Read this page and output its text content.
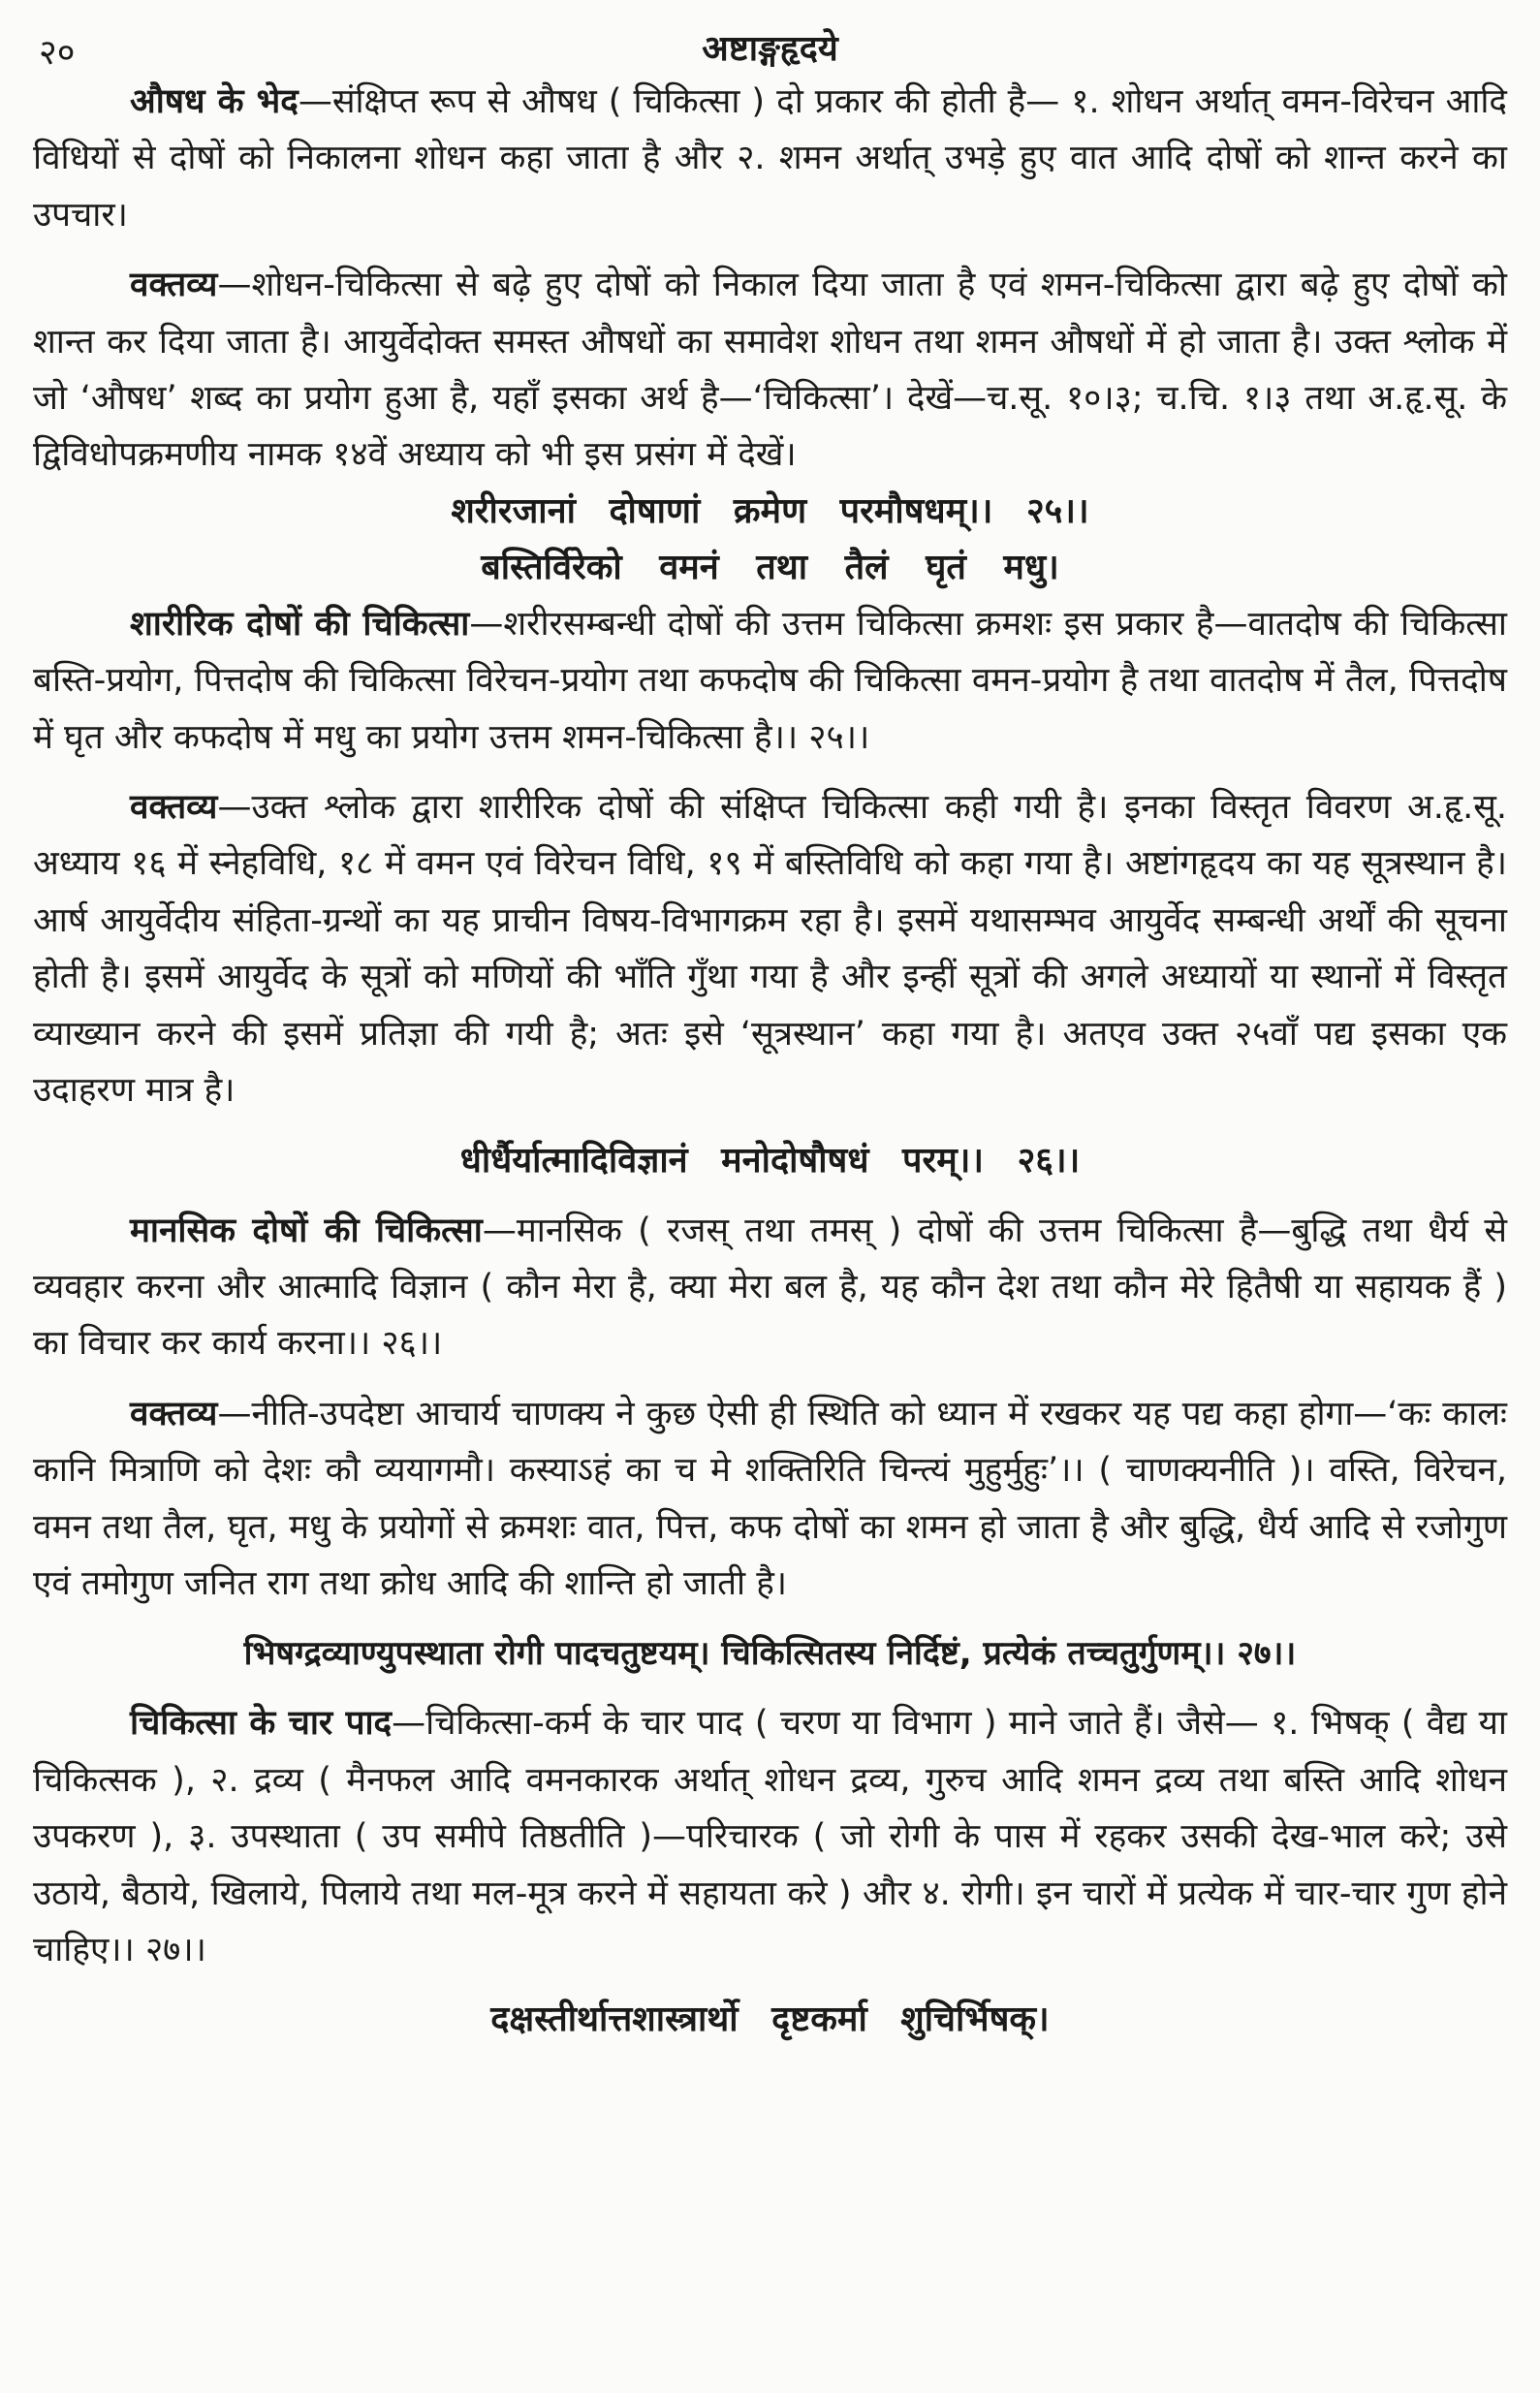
२०	अष्टाङ्गहृदये

औषध के भेद—संक्षिप्त रूप से औषध ( चिकित्सा ) दो प्रकार की होती है— १. शोधन अर्थात् वमन-विरेचन आदि विधियों से दोषों को निकालना शोधन कहा जाता है और २. शमन अर्थात् उभड़े हुए वात आदि दोषों को शान्त करने का उपचार।

वक्तव्य—शोधन-चिकित्सा से बढ़े हुए दोषों को निकाल दिया जाता है एवं शमन-चिकित्सा द्वारा बढ़े हुए दोषों को शान्त कर दिया जाता है। आयुर्वेदोक्त समस्त औषधों का समावेश शोधन तथा शमन औषधों में हो जाता है। उक्त श्लोक में जो ‘औषध’ शब्द का प्रयोग हुआ है, यहाँ इसका अर्थ है—‘चिकित्सा’। देखें—च.सू. १०।३; च.चि. १।३ तथा अ.हृ.सू. के द्विविधोपक्रमणीय नामक १४वें अध्याय को भी इस प्रसंग में देखें।

शरीरजानां दोषाणां क्रमेण परमौषधम्।। २५।।

बस्तिर्विरेको वमनं तथा तैलं घृतं मधु।

शारीरिक दोषों की चिकित्सा—शरीरसम्बन्धी दोषों की उत्तम चिकित्सा क्रमशः इस प्रकार है—वातदोष की चिकित्सा बस्ति-प्रयोग, पित्तदोष की चिकित्सा विरेचन-प्रयोग तथा कफदोष की चिकित्सा वमन-प्रयोग है तथा वातदोष में तैल, पित्तदोष में घृत और कफदोष में मधु का प्रयोग उत्तम शमन-चिकित्सा है।। २५।।

वक्तव्य—उक्त श्लोक द्वारा शारीरिक दोषों की संक्षिप्त चिकित्सा कही गयी है। इनका विस्तृत विवरण अ.हृ.सू. अध्याय १६ में स्नेहविधि, १८ में वमन एवं विरेचन विधि, १९ में बस्तिविधि को कहा गया है। अष्टांगहृदय का यह सूत्रस्थान है। आर्ष आयुर्वेदीय संहिता-ग्रन्थों का यह प्राचीन विषय-विभागक्रम रहा है। इसमें यथासम्भव आयुर्वेद सम्बन्धी अर्थों की सूचना होती है। इसमें आयुर्वेद के सूत्रों को मणियों की भाँति गुँथा गया है और इन्हीं सूत्रों की अगले अध्यायों या स्थानों में विस्तृत व्याख्यान करने की इसमें प्रतिज्ञा की गयी है; अतः इसे ‘सूत्रस्थान’ कहा गया है। अतएव उक्त २५वाँ पद्य इसका एक उदाहरण मात्र है।

धीर्धैर्यात्मादिविज्ञानं मनोदोषौषधं परम्।। २६।।

मानसिक दोषों की चिकित्सा—मानसिक ( रजस् तथा तमस् ) दोषों की उत्तम चिकित्सा है—बुद्धि तथा धैर्य से व्यवहार करना और आत्मादि विज्ञान ( कौन मेरा है, क्या मेरा बल है, यह कौन देश तथा कौन मेरे हितैषी या सहायक हैं ) का विचार कर कार्य करना।। २६।।

वक्तव्य—नीति-उपदेष्टा आचार्य चाणक्य ने कुछ ऐसी ही स्थिति को ध्यान में रखकर यह पद्य कहा होगा—‘कः कालः कानि मित्राणि को देशः कौ व्ययागमौ। कस्याऽहं का च मे शक्तिरिति चिन्त्यं मुहुर्मुहुः’।। ( चाणक्यनीति )। वस्ति, विरेचन, वमन तथा तैल, घृत, मधु के प्रयोगों से क्रमशः वात, पित्त, कफ दोषों का शमन हो जाता है और बुद्धि, धैर्य आदि से रजोगुण एवं तमोगुण जनित राग तथा क्रोध आदि की शान्ति हो जाती है।

भिषग्द्रव्याण्युपस्थाता रोगी पादचतुष्टयम्। चिकित्सितस्य निर्दिष्टं, प्रत्येकं तच्चतुर्गुणम्।। २७।।

चिकित्सा के चार पाद—चिकित्सा-कर्म के चार पाद ( चरण या विभाग ) माने जाते हैं। जैसे— १. भिषक् ( वैद्य या चिकित्सक ), २. द्रव्य ( मैनफल आदि वमनकारक अर्थात् शोधन द्रव्य, गुरुच आदि शमन द्रव्य तथा बस्ति आदि शोधन उपकरण ), ३. उपस्थाता ( उप समीपे तिष्ठतीति )—परिचारक ( जो रोगी के पास में रहकर उसकी देख-भाल करे; उसे उठाये, बैठाये, खिलाये, पिलाये तथा मल-मूत्र करने में सहायता करे ) और ४. रोगी। इन चारों में प्रत्येक में चार-चार गुण होने चाहिए।। २७।।

दक्षस्तीर्थात्तशास्त्रार्थो दृष्टकर्मा शुचिर्भिषक्।
